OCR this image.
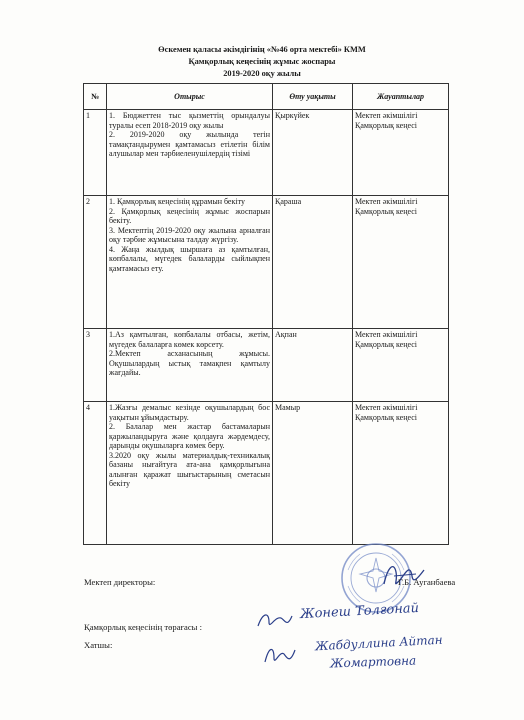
Өскемен қаласы әкімдігінің «№46 орта мектебі» КММ
Қамқорлық кеңесінің жұмыс жоспары
2019-2020 оқу жылы
№	Отырыс	Өту уақыты	Жауаптылар
1	1. Бюджеттен тыс қызметтің орындалуы туралы есеп 2018-2019 оқу жылы

2. 2019-2020 оқу жылында тегін тамақтандырумен қамтамасыз етілетін білім алушылар мен тәрбиеленушілердің тізімі	Қыркүйек	Мектеп әкімшілігі Қамқорлық кеңесі
2	1. Қамқорлық кеңесінің құрамын бекіту

2. Қамқорлық кеңесінің жұмыс жоспарын бекіту.

3. Мектептің 2019-2020 оқу жылына арналған оқу тәрбие жұмысына талдау жүргізу.

4. Жаңа жылдық шыршаға аз қамтылған, көпбалалы, мүгедек балаларды сыйлықпен қамтамасыз ету.	Қараша	Мектеп әкімшілігі Қамқорлық кеңесі
3	1.Аз қамтылған, көпбалалы отбасы, жетім, мүгедек балаларға көмек көрсету.

2.Мектеп асханасының жұмысы. Оқушылардың ыстық тамақпен қамтылу жағдайы.	Ақпан	Мектеп әкімшілігі Қамқорлық кеңесі
4	1.Жазғы демалыс кезінде оқушылардың бос уақытын ұйымдастыру.

2. Балалар мен жастар бастамаларын қаржыландыруға және қолдауға жәрдемдесу, дарынды оқушыларға көмек беру.

3.2020 оқу жылы материалдық-техникалық базаны нығайтуға ата-ана қамқорлығына алынған қаражат шығыстарының сметасын бекіту	Мамыр	Мектеп әкімшілігі Қамқорлық кеңесі
Мектеп директоры:	Г.Б. Ауганбаева
Жонеш Толғонай
Қамқорлық кеңесінің төрағасы :
Жабдуллина Айтан
Жомартовна
Хатшы:
